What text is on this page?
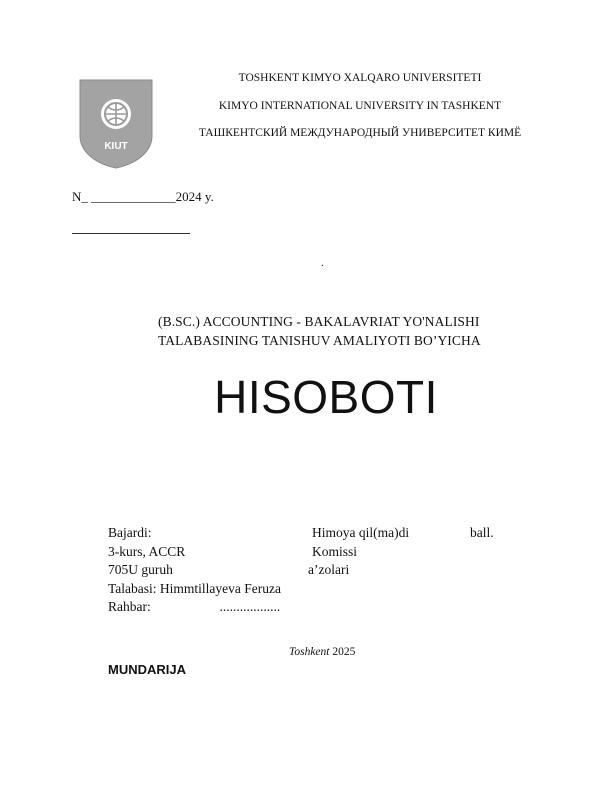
TOSHKENT KIMYO XALQARO UNIVERSITETI
KIMYO INTERNATIONAL UNIVERSITY IN TASHKENT
ТАШКЕНТСКИЙ МЕЖДУНАРОДНЫЙ УНИВЕРСИТЕТ КИМЁ
KIUT
N_ _____________2024 y.
.
(B.SC.) ACCOUNTING - BAKALAVRIAT YO'NALISHI
TALABASINING TANISHUV AMALIYOTI BO’YICHA
HISOBOTI
Bajardi:
3-kurs, ACCR
705U guruh
Talabasi: Himmtillayeva Feruza
Rahbar:	..................
Himoya qil(ma)di	ball.
Komissi
a’zolari
Toshkent 2025
MUNDARIJA
